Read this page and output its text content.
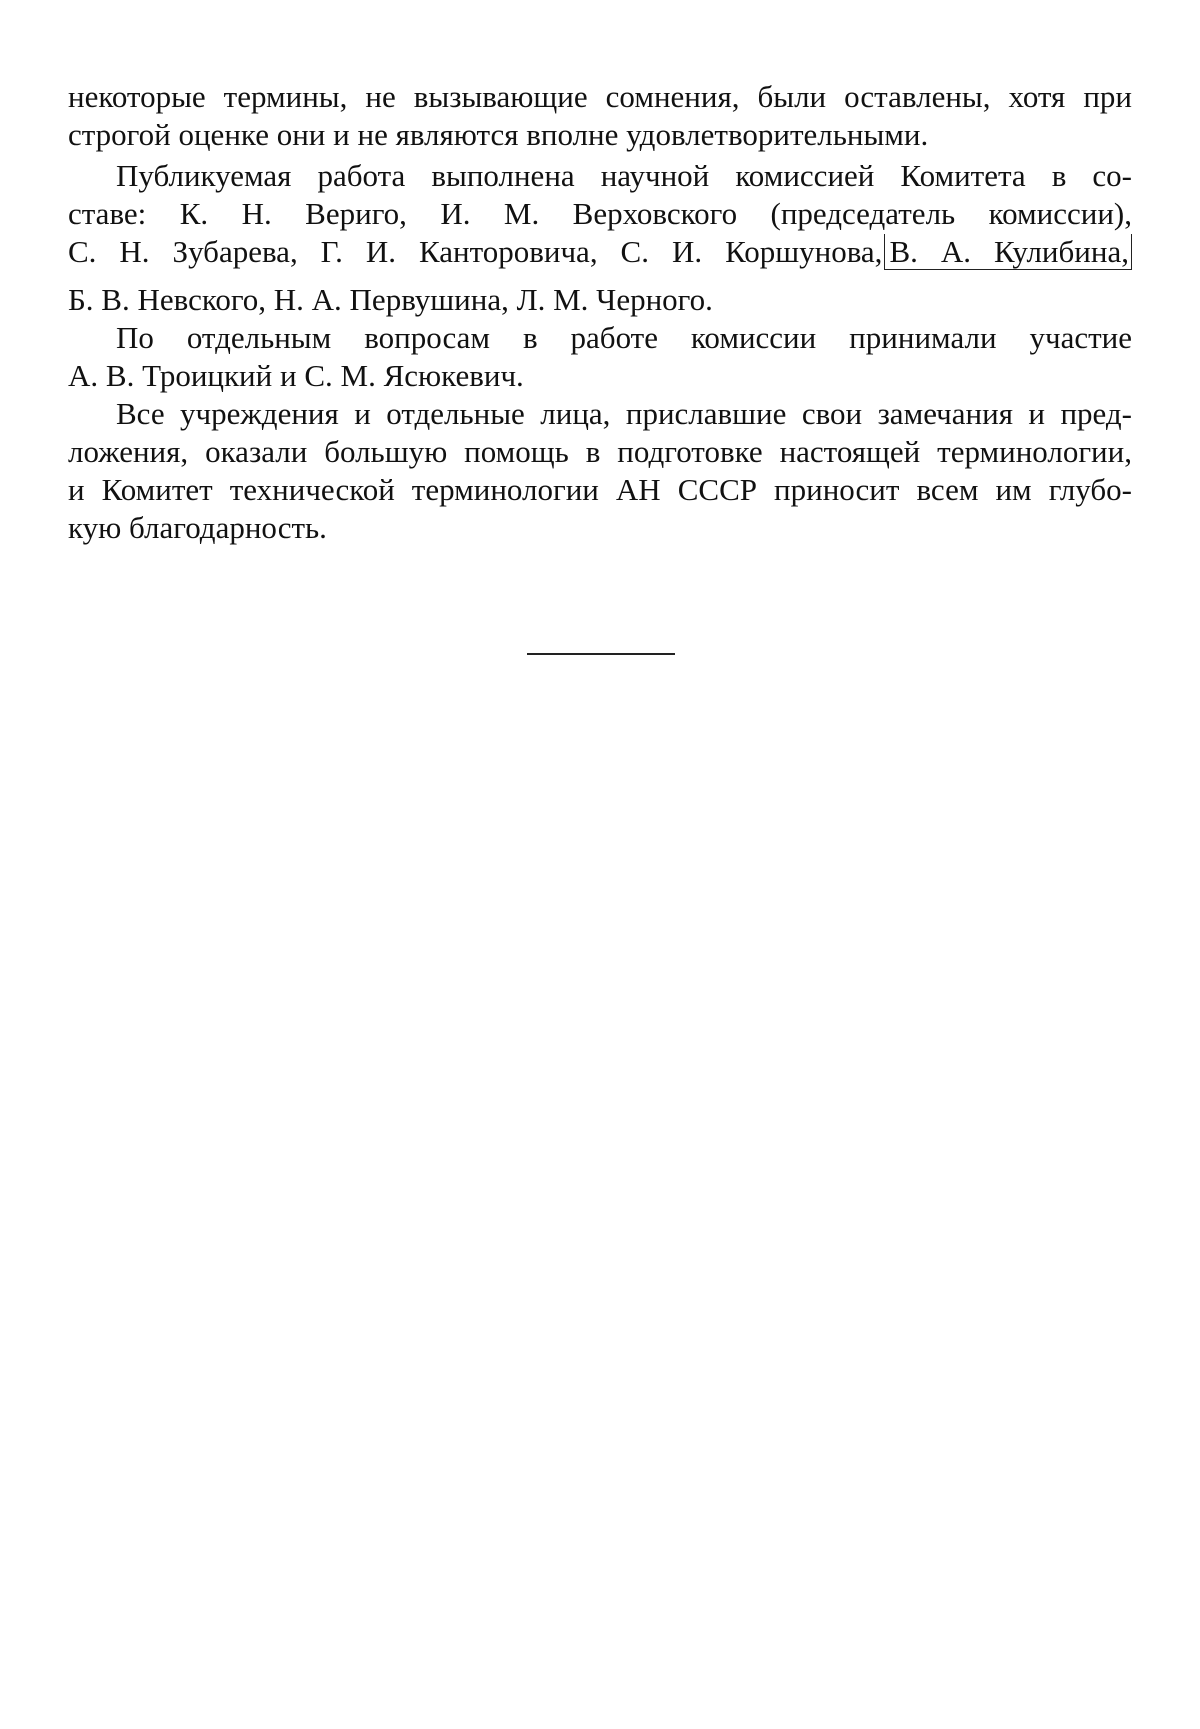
некоторые термины, не вызывающие сомнения, были оставлены, хотя при
строгой оценке они и не являются вполне удовлетворительными.
Публикуемая работа выполнена научной комиссией Комитета в со-
ставе: К. Н. Вериго, И. М. Верховского (председатель комиссии),
С. Н. Зубарева, Г. И. Канторовича, С. И. Коршунова, В. А. Кулибина,
Б. В. Невского, Н. А. Первушина, Л. М. Черного.
По отдельным вопросам в работе комиссии принимали участие
А. В. Троицкий и С. М. Ясюкевич.
Все учреждения и отдельные лица, приславшие свои замечания и пред-
ложения, оказали большую помощь в подготовке настоящей терминологии,
и Комитет технической терминологии АН СССР приносит всем им глубо-
кую благодарность.
